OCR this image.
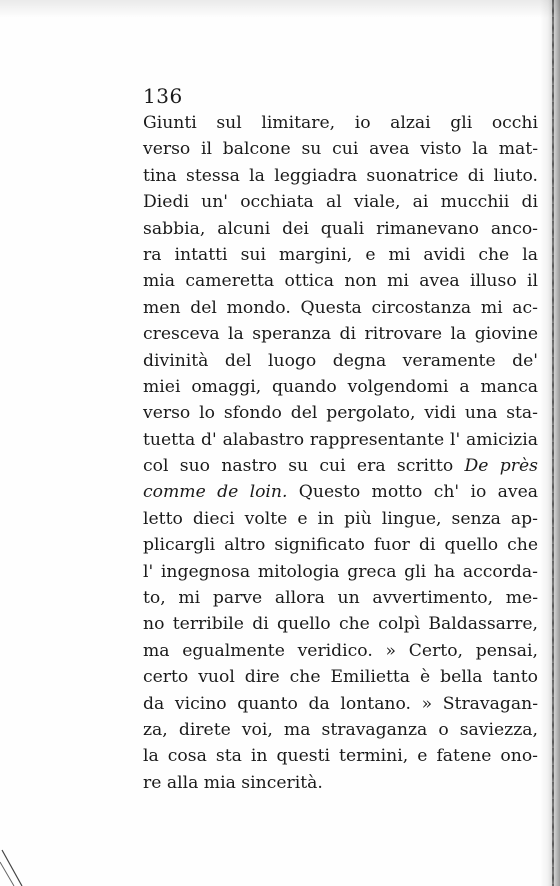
136
Giunti sul limitare, io alzai gli occhi
verso il balcone su cui avea visto la mat-
tina stessa la leggiadra suonatrice di liuto.
Diedi un' occhiata al viale, ai mucchii di
sabbia, alcuni dei quali rimanevano anco-
ra intatti sui margini, e mi avidi che la
mia cameretta ottica non mi avea illuso il
men del mondo. Questa circostanza mi ac-
cresceva la speranza di ritrovare la giovine
divinità del luogo degna veramente de'
miei omaggi, quando volgendomi a manca
verso lo sfondo del pergolato, vidi una sta-
tuetta d' alabastro rappresentante l' amicizia
col suo nastro su cui era scritto De près
comme de loin. Questo motto ch' io avea
letto dieci volte e in più lingue, senza ap-
plicargli altro significato fuor di quello che
l' ingegnosa mitologia greca gli ha accorda-
to, mi parve allora un avvertimento, me-
no terribile di quello che colpì Baldassarre,
ma egualmente veridico. » Certo, pensai,
certo vuol dire che Emilietta è bella tanto
da vicino quanto da lontano. » Stravagan-
za, direte voi, ma stravaganza o saviezza,
la cosa sta in questi termini, e fatene ono-
re alla mia sincerità.
